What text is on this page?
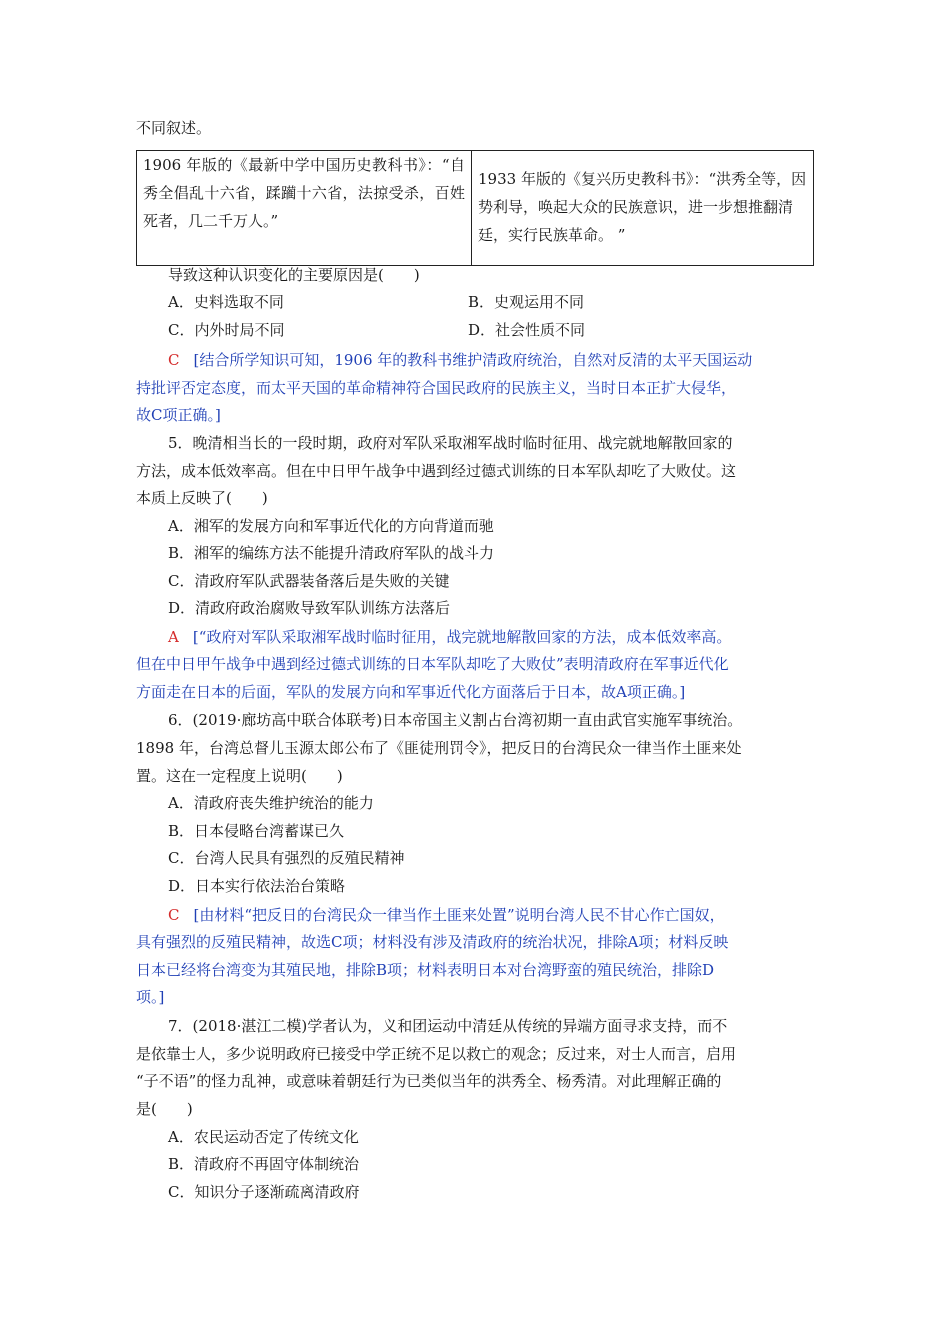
不同叙述。
1906 年版的《最新中学中国历史教科书》：“自秀全倡乱十六省，蹂躏十六省，法掠受杀，百姓死者，几二千万人。”	1933 年版的《复兴历史教科书》：“洪秀全等，因势利导，唤起大众的民族意识，进一步想推翻清廷，实行民族革命。 ”
导致这种认识变化的主要原因是(　　)
A．史料选取不同	B．史观运用不同
C．内外时局不同	D．社会性质不同
C [结合所学知识可知，1906 年的教科书维护清政府统治，自然对反清的太平天国运动
持批评否定态度，而太平天国的革命精神符合国民政府的民族主义，当时日本正扩大侵华，
故C项正确。]
5．晚清相当长的一段时期，政府对军队采取湘军战时临时征用、战完就地解散回家的
方法，成本低效率高。但在中日甲午战争中遇到经过德式训练的日本军队却吃了大败仗。这
本质上反映了(　　)
A．湘军的发展方向和军事近代化的方向背道而驰
B．湘军的编练方法不能提升清政府军队的战斗力
C．清政府军队武器装备落后是失败的关键
D．清政府政治腐败导致军队训练方法落后
A [“政府对军队采取湘军战时临时征用，战完就地解散回家的方法，成本低效率高。
但在中日甲午战争中遇到经过德式训练的日本军队却吃了大败仗”表明清政府在军事近代化
方面走在日本的后面，军队的发展方向和军事近代化方面落后于日本，故A项正确。]
6．(2019·廊坊高中联合体联考)日本帝国主义割占台湾初期一直由武官实施军事统治。
1898 年，台湾总督儿玉源太郎公布了《匪徒刑罚令》，把反日的台湾民众一律当作土匪来处
置。这在一定程度上说明(　　)
A．清政府丧失维护统治的能力
B．日本侵略台湾蓄谋已久
C．台湾人民具有强烈的反殖民精神
D．日本实行依法治台策略
C [由材料“把反日的台湾民众一律当作土匪来处置”说明台湾人民不甘心作亡国奴，
具有强烈的反殖民精神，故选C项；材料没有涉及清政府的统治状况，排除A项；材料反映
日本已经将台湾变为其殖民地，排除B项；材料表明日本对台湾野蛮的殖民统治，排除D
项。]
7．(2018·湛江二模)学者认为，义和团运动中清廷从传统的异端方面寻求支持，而不
是依靠士人，多少说明政府已接受中学正统不足以救亡的观念；反过来，对士人而言，启用
“子不语”的怪力乱神，或意味着朝廷行为已类似当年的洪秀全、杨秀清。对此理解正确的
是(　　)
A．农民运动否定了传统文化
B．清政府不再固守体制统治
C．知识分子逐渐疏离清政府
